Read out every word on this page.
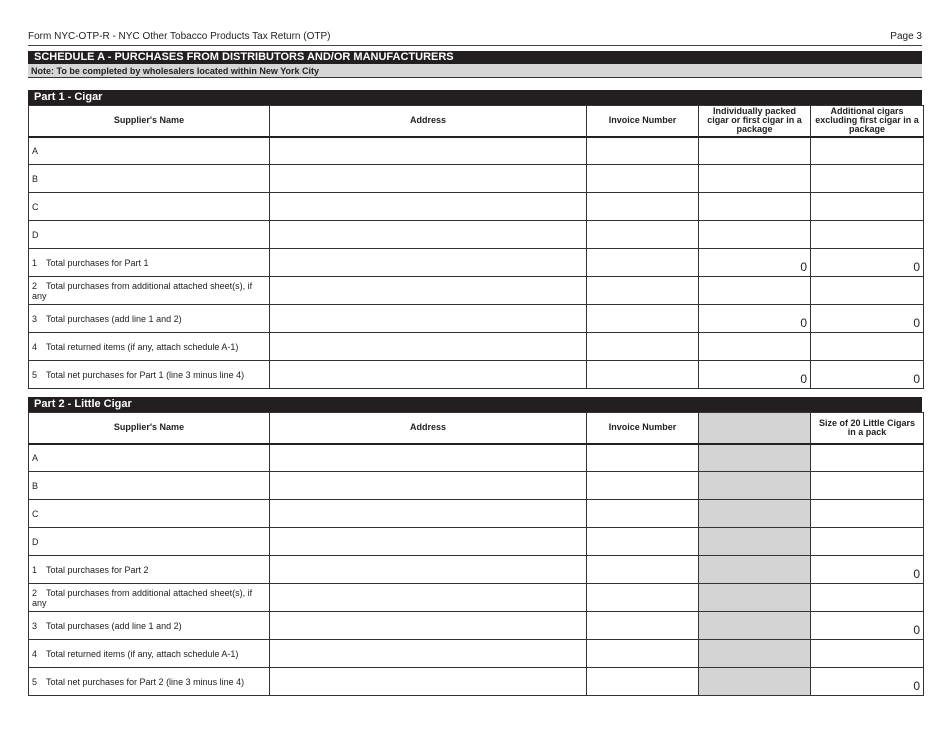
Form NYC-OTP-R - NYC Other Tobacco Products Tax Return (OTP)	Page 3
SCHEDULE A - PURCHASES FROM DISTRIBUTORS AND/OR MANUFACTURERS
Note: To be completed by wholesalers located within New York City
Part 1 - Cigar
Supplier's Name	Address	Invoice Number	Individually packed cigar or first cigar in a package	Additional cigars excluding first cigar in a package
A				
B				
C				
D				
1 Total purchases for Part 1			0	0
2 Total purchases from additional attached sheet(s), if any				
3 Total purchases (add line 1 and 2)			0	0
4 Total returned items (if any, attach schedule A-1)				
5 Total net purchases for Part 1 (line 3 minus line 4)			0	0
Part 2 - Little Cigar
Supplier's Name	Address	Invoice Number		Size of 20 Little Cigars in a pack
A				
B				
C				
D				
1 Total purchases for Part 2				0
2 Total purchases from additional attached sheet(s), if any				
3 Total purchases (add line 1 and 2)				0
4 Total returned items (if any, attach schedule A-1)				
5 Total net purchases for Part 2 (line 3 minus line 4)				0
